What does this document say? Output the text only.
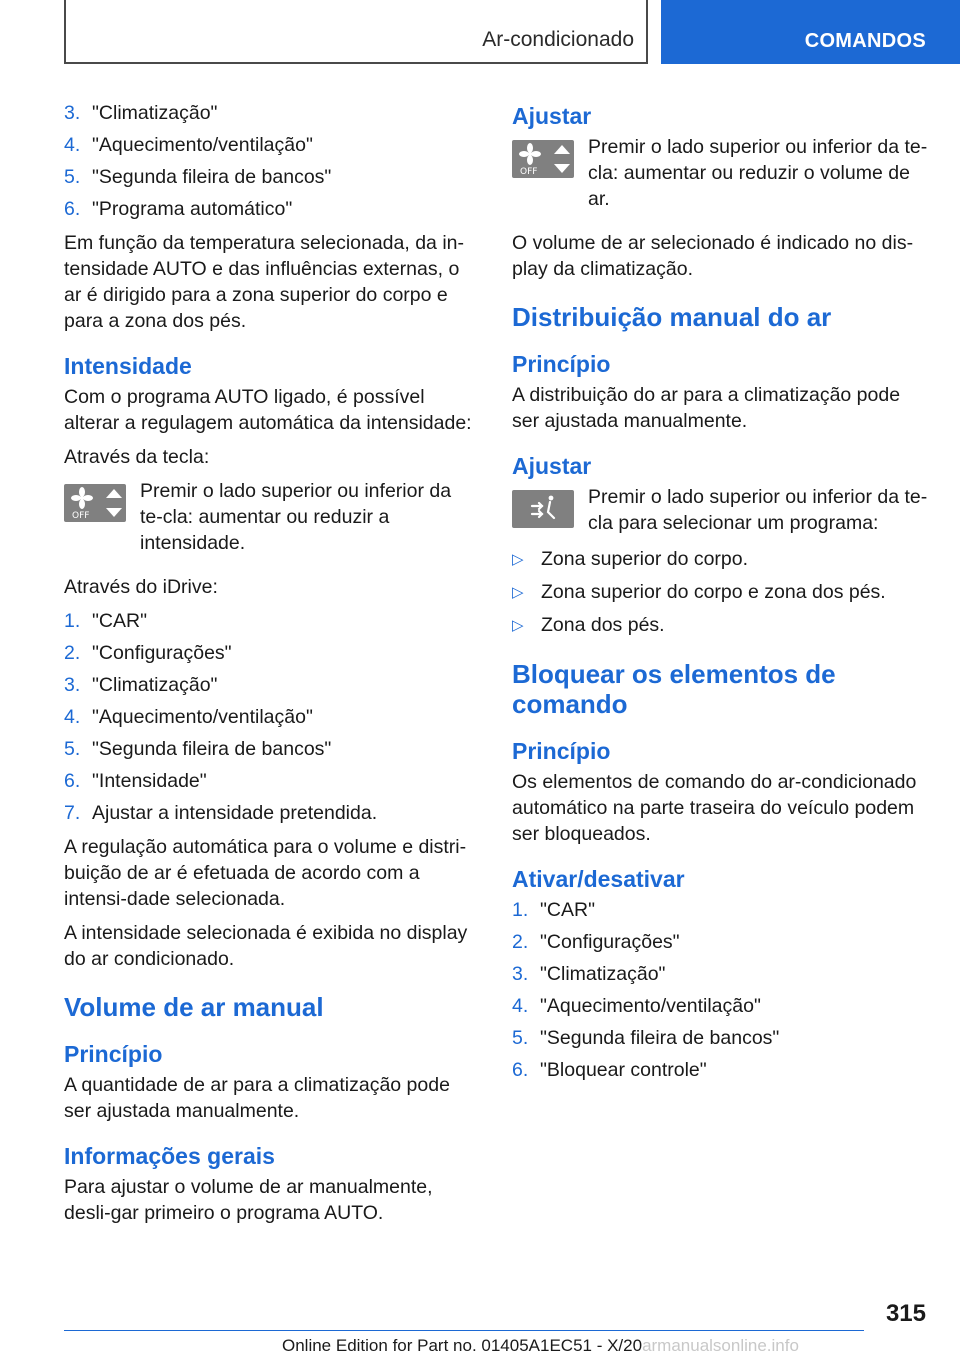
Ar-condicionado	COMANDOS
3. "Climatização"
4. "Aquecimento/ventilação"
5. "Segunda fileira de bancos"
6. "Programa automático"

Em função da temperatura selecionada, da in-tensidade AUTO e das influências externas, o ar é dirigido para a zona superior do corpo e para a zona dos pés.

Intensidade

Com o programa AUTO ligado, é possível alterar a regulagem automática da intensidade:

Através da tecla:

OFF
Premir o lado superior ou inferior da te-cla: aumentar ou reduzir a intensidade.

Através do iDrive:

1. "CAR"
2. "Configurações"
3. "Climatização"
4. "Aquecimento/ventilação"
5. "Segunda fileira de bancos"
6. "Intensidade"
7. Ajustar a intensidade pretendida.

A regulação automática para o volume e distri-buição de ar é efetuada de acordo com a intensi-dade selecionada.

A intensidade selecionada é exibida no display do ar condicionado.

Volume de ar manual
Princípio

A quantidade de ar para a climatização pode ser ajustada manualmente.

Informações gerais

Para ajustar o volume de ar manualmente, desli-gar primeiro o programa AUTO.

Ajustar
OFF
Premir o lado superior ou inferior da te-cla: aumentar ou reduzir o volume de ar.

O volume de ar selecionado é indicado no dis-play da climatização.

Distribuição manual do ar
Princípio

A distribuição do ar para a climatização pode ser ajustada manualmente.

Ajustar
Premir o lado superior ou inferior da te-cla para selecionar um programa:
▷ Zona superior do corpo.
▷ Zona superior do corpo e zona dos pés.
▷ Zona dos pés.
Bloquear os elementos de comando
Princípio

Os elementos de comando do ar-condicionado automático na parte traseira do veículo podem ser bloqueados.

Ativar/desativar
1. "CAR"
2. "Configurações"
3. "Climatização"
4. "Aquecimento/ventilação"
5. "Segunda fileira de bancos"
6. "Bloquear controle"
315
Online Edition for Part no. 01405A1EC51 - X/20armanualsonline.info
